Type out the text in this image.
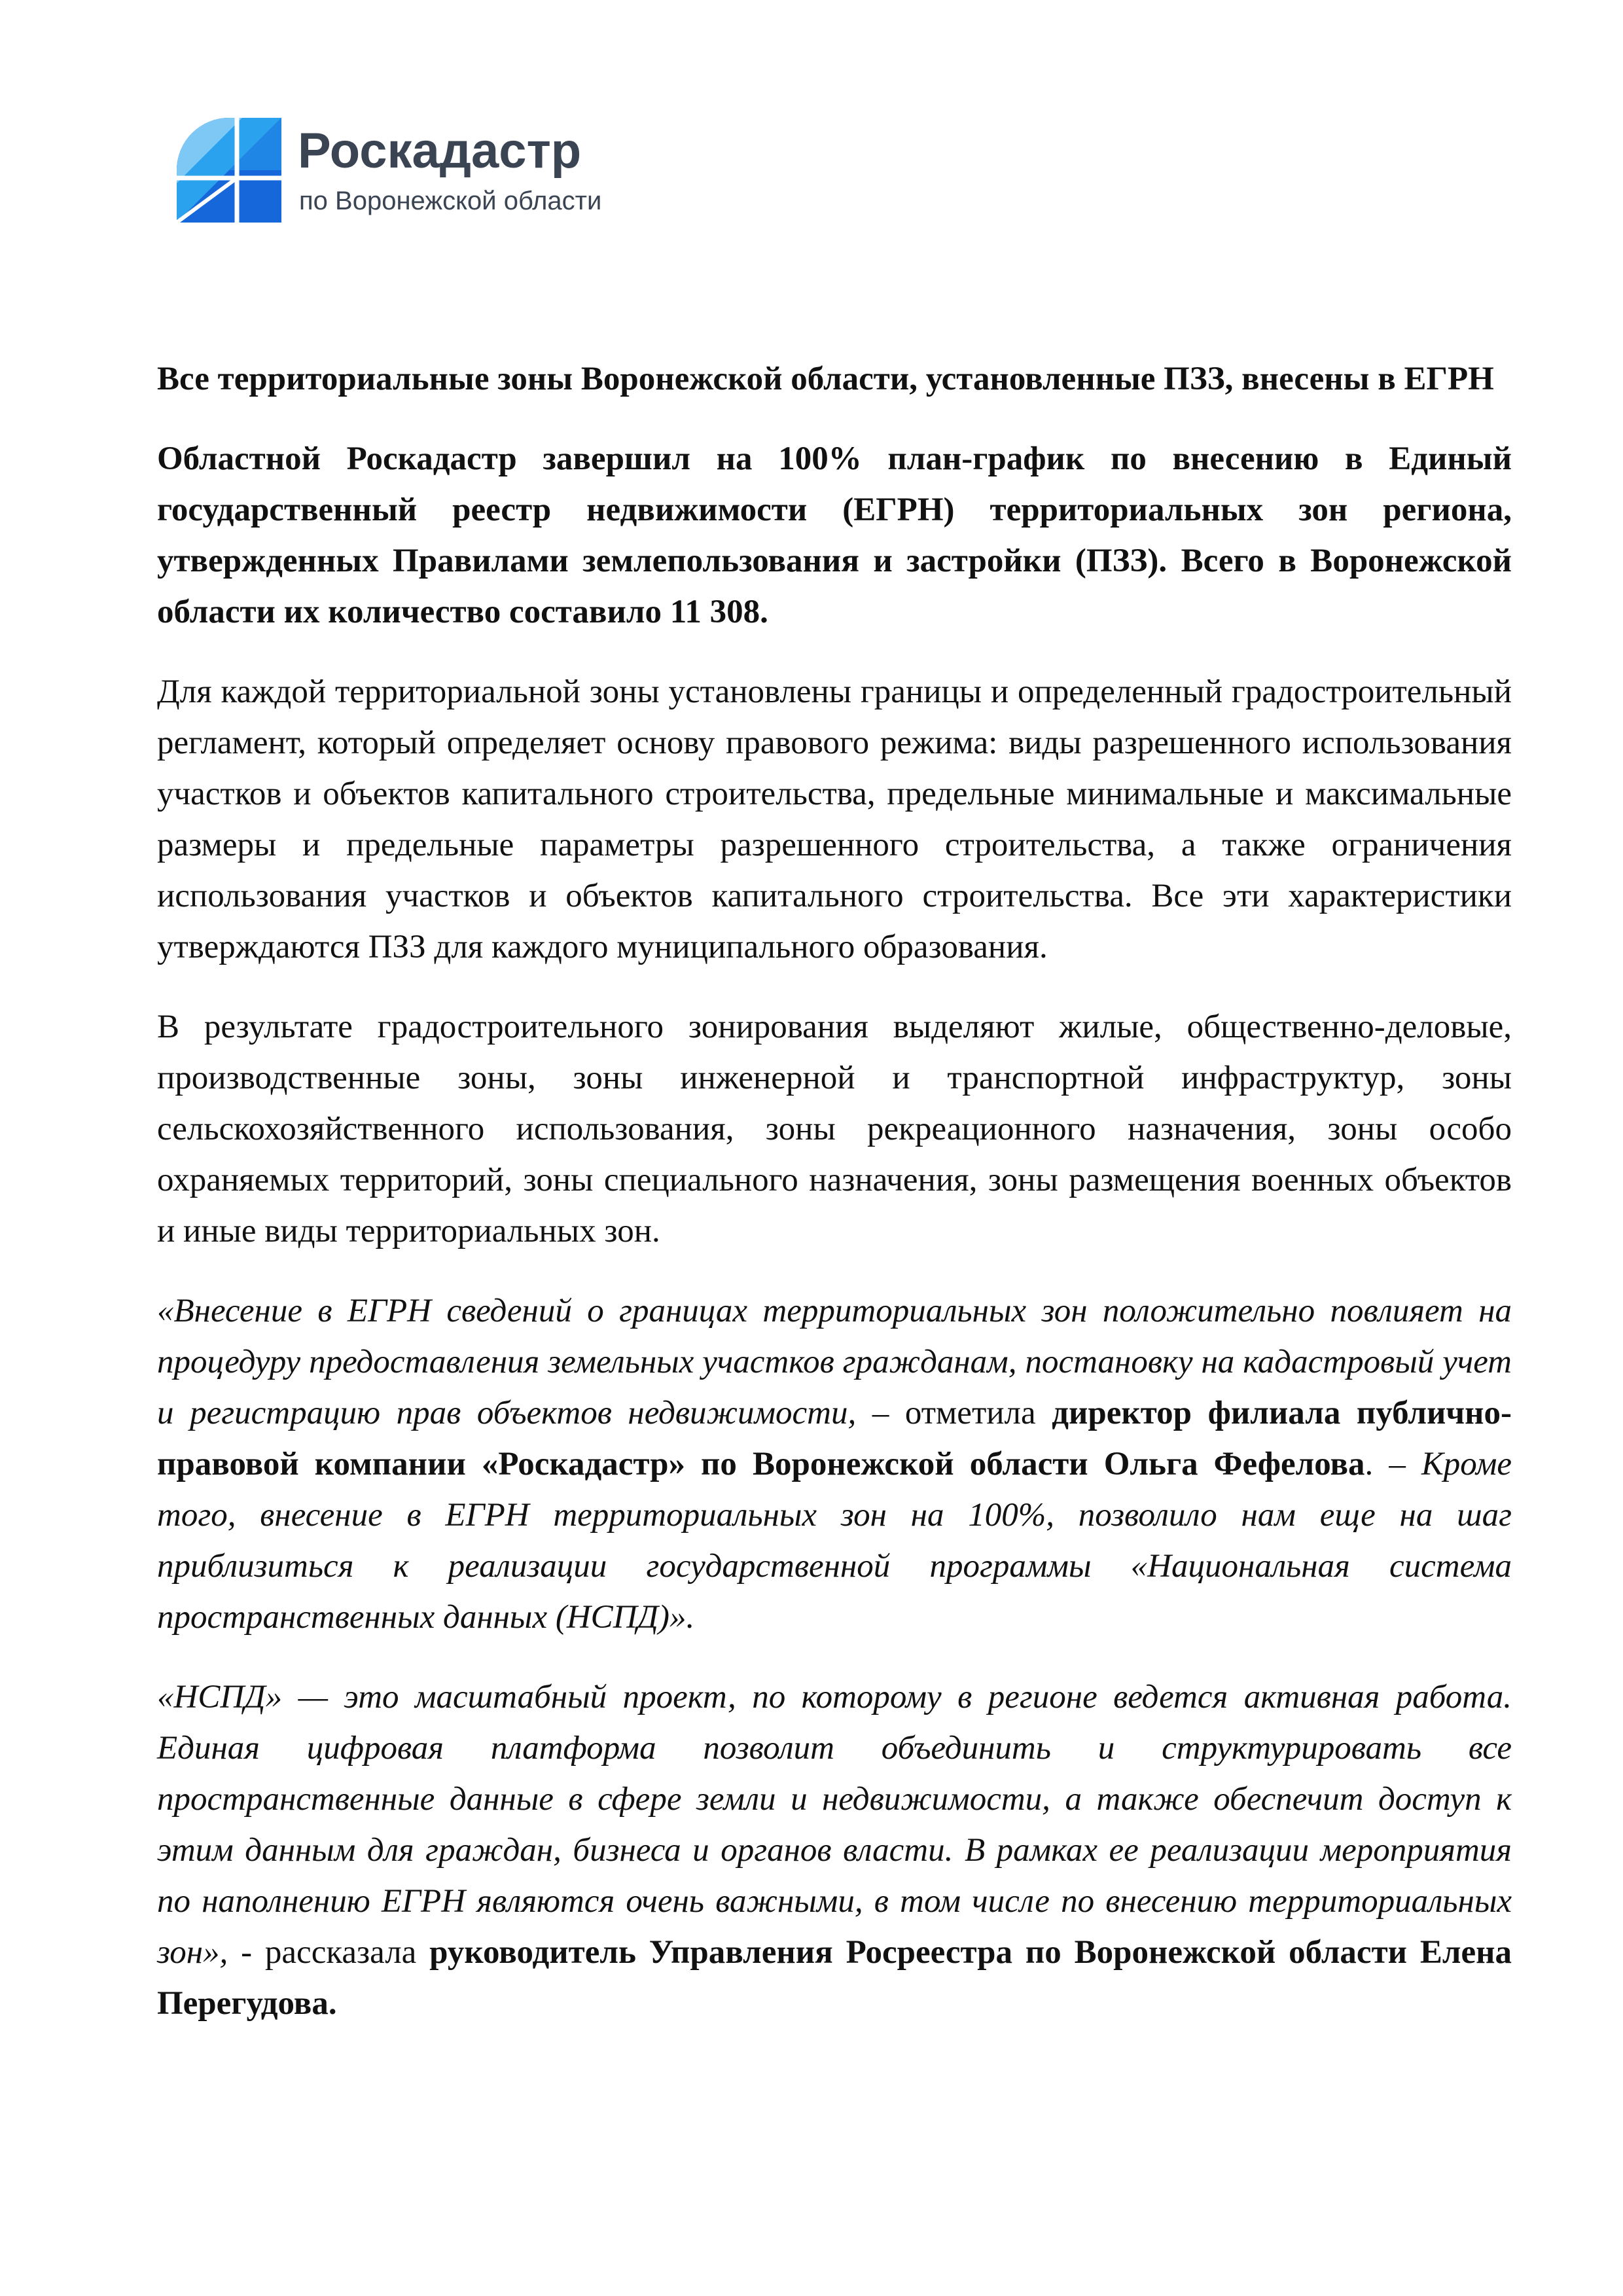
Роскадастр
по Воронежской области

Все территориальные зоны Воронежской области, установленные ПЗЗ, внесены в ЕГРН

Областной Роскадастр завершил на 100% план-график по внесению в Единый государственный реестр недвижимости (ЕГРН) территориальных зон региона, утвержденных Правилами землепользования и застройки (ПЗЗ). Всего в Воронежской области их количество составило 11 308.

Для каждой территориальной зоны установлены границы и определенный градостроительный регламент, который определяет основу правового режима: виды разрешенного использования участков и объектов капитального строительства, предельные минимальные и максимальные размеры и предельные параметры разрешенного строительства, а также ограничения использования участков и объектов капитального строительства. Все эти характеристики утверждаются ПЗЗ для каждого муниципального образования.

В результате градостроительного зонирования выделяют жилые, общественно-деловые, производственные зоны, зоны инженерной и транспортной инфраструктур, зоны сельскохозяйственного использования, зоны рекреационного назначения, зоны особо охраняемых территорий, зоны специального назначения, зоны размещения военных объектов и иные виды территориальных зон.

«Внесение в ЕГРН сведений о границах территориальных зон положительно повлияет на процедуру предоставления земельных участков гражданам, постановку на кадастровый учет и регистрацию прав объектов недвижимости, – отметила директор филиала публично-правовой компании «Роскадастр» по Воронежской области Ольга Фефелова. – Кроме того, внесение в ЕГРН территориальных зон на 100%, позволило нам еще на шаг приблизиться к реализации государственной программы «Национальная система пространственных данных (НСПД)».

«НСПД» — это масштабный проект, по которому в регионе ведется активная работа. Единая цифровая платформа позволит объединить и структурировать все пространственные данные в сфере земли и недвижимости, а также обеспечит доступ к этим данным для граждан, бизнеса и органов власти. В рамках ее реализации мероприятия по наполнению ЕГРН являются очень важными, в том числе по внесению территориальных зон», - рассказала руководитель Управления Росреестра по Воронежской области Елена Перегудова.
